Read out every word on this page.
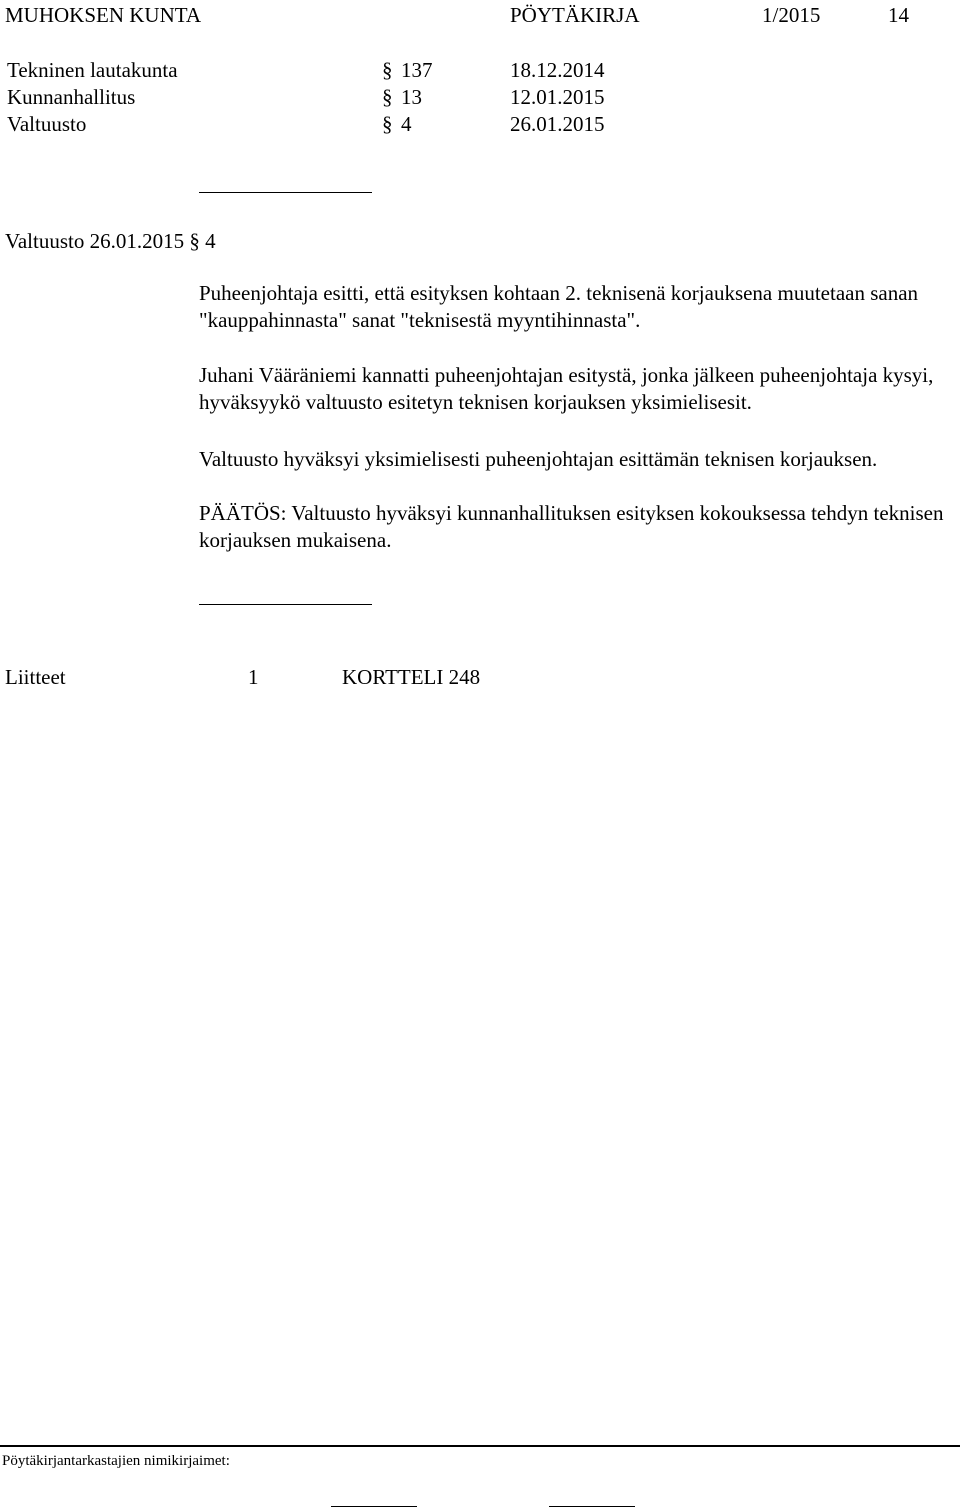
MUHOKSEN KUNTA	PÖYTÄKIRJA	1/2015	14
Tekninen lautakunta	§ 137	18.12.2014
Kunnanhallitus	§ 13	12.01.2015
Valtuusto	§ 4	26.01.2015
Valtuusto 26.01.2015 § 4
Puheenjohtaja esitti, että esityksen kohtaan 2. teknisenä korjauksena muutetaan sanan "kauppahinnasta" sanat "teknisestä myyntihinnasta".
Juhani Vääräniemi kannatti puheenjohtajan esitystä, jonka jälkeen puheenjohtaja kysyi, hyväksyykö valtuusto esitetyn teknisen korjauksen yksimielisesit.
Valtuusto hyväksyi yksimielisesti puheenjohtajan esittämän teknisen korjauksen.
PÄÄTÖS: Valtuusto hyväksyi kunnanhallituksen esityksen kokouksessa tehdyn teknisen korjauksen mukaisena.
Liitteet	1	KORTTELI 248
Pöytäkirjantarkastajien nimikirjaimet:
